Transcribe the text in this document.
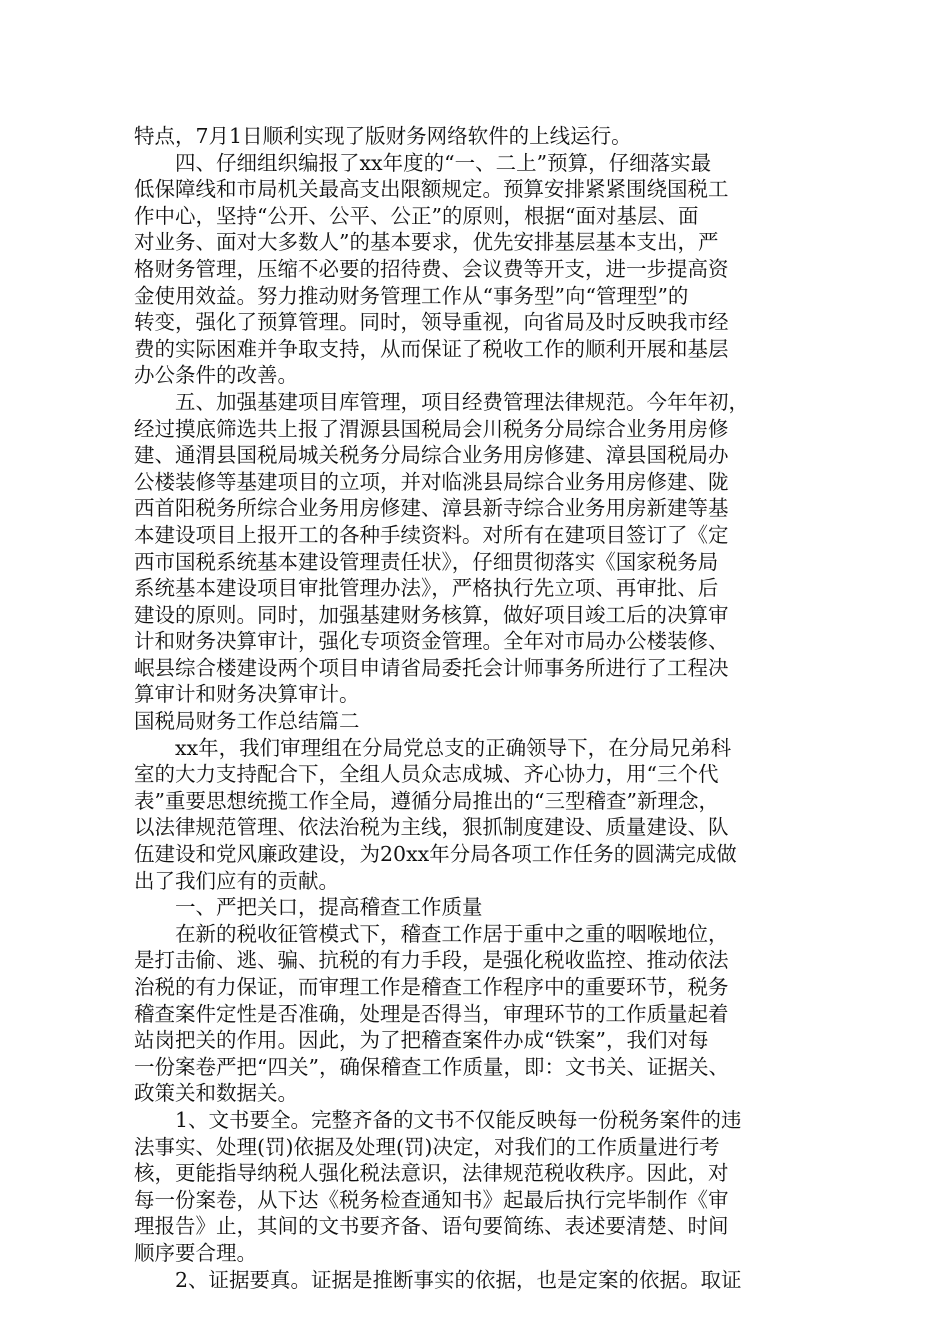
特点，7月1日顺利实现了版财务网络软件的上线运行。
四、仔细组织编报了xx年度的“一、二上”预算，仔细落实最
低保障线和市局机关最高支出限额规定。预算安排紧紧围绕国税工
作中心，坚持“公开、公平、公正”的原则，根据“面对基层、面
对业务、面对大多数人”的基本要求，优先安排基层基本支出，严
格财务管理，压缩不必要的招待费、会议费等开支，进一步提高资
金使用效益。努力推动财务管理工作从“事务型”向“管理型”的
转变，强化了预算管理。同时，领导重视，向省局及时反映我市经
费的实际困难并争取支持，从而保证了税收工作的顺利开展和基层
办公条件的改善。
五、加强基建项目库管理，项目经费管理法律规范。今年年初，
经过摸底筛选共上报了渭源县国税局会川税务分局综合业务用房修
建、通渭县国税局城关税务分局综合业务用房修建、漳县国税局办
公楼装修等基建项目的立项，并对临洮县局综合业务用房修建、陇
西首阳税务所综合业务用房修建、漳县新寺综合业务用房新建等基
本建设项目上报开工的各种手续资料。对所有在建项目签订了《定
西市国税系统基本建设管理责任状》，仔细贯彻落实《国家税务局
系统基本建设项目审批管理办法》，严格执行先立项、再审批、后
建设的原则。同时，加强基建财务核算，做好项目竣工后的决算审
计和财务决算审计，强化专项资金管理。全年对市局办公楼装修、
岷县综合楼建设两个项目申请省局委托会计师事务所进行了工程决
算审计和财务决算审计。
国税局财务工作总结篇二
xx年，我们审理组在分局党总支的正确领导下，在分局兄弟科
室的大力支持配合下，全组人员众志成城、齐心协力，用“三个代
表”重要思想统揽工作全局，遵循分局推出的“三型稽查”新理念，
以法律规范管理、依法治税为主线，狠抓制度建设、质量建设、队
伍建设和党风廉政建设，为20xx年分局各项工作任务的圆满完成做
出了我们应有的贡献。
一、严把关口，提高稽查工作质量
在新的税收征管模式下，稽查工作居于重中之重的咽喉地位，
是打击偷、逃、骗、抗税的有力手段，是强化税收监控、推动依法
治税的有力保证，而审理工作是稽查工作程序中的重要环节，税务
稽查案件定性是否准确，处理是否得当，审理环节的工作质量起着
站岗把关的作用。因此，为了把稽查案件办成“铁案”，我们对每
一份案卷严把“四关”，确保稽查工作质量，即：文书关、证据关、
政策关和数据关。
1、文书要全。完整齐备的文书不仅能反映每一份税务案件的违
法事实、处理(罚)依据及处理(罚)决定，对我们的工作质量进行考
核，更能指导纳税人强化税法意识，法律规范税收秩序。因此，对
每一份案卷，从下达《税务检查通知书》起最后执行完毕制作《审
理报告》止，其间的文书要齐备、语句要简练、表述要清楚、时间
顺序要合理。
2、证据要真。证据是推断事实的依据，也是定案的依据。取证
